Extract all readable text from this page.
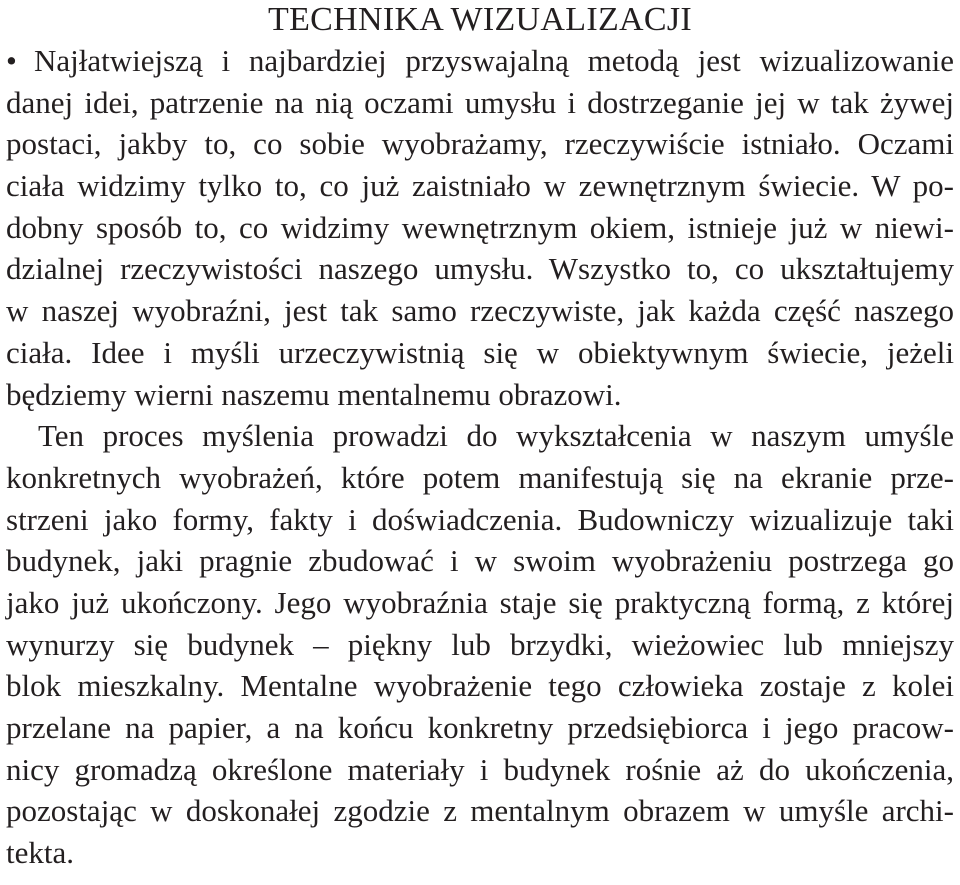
TECHNIKA WIZUALIZACJI
• Najłatwiejszą i najbardziej przyswajalną metodą jest wizualizowanie
danej idei, patrzenie na nią oczami umysłu i dostrzeganie jej w tak żywej
postaci, jakby to, co sobie wyobrażamy, rzeczywiście istniało. Oczami
ciała widzimy tylko to, co już zaistniało w zewnętrznym świecie. W po-
dobny sposób to, co widzimy wewnętrznym okiem, istnieje już w niewi-
dzialnej rzeczywistości naszego umysłu. Wszystko to, co ukształtujemy
w naszej wyobraźni, jest tak samo rzeczywiste, jak każda część naszego
ciała. Idee i myśli urzeczywistnią się w obiektywnym świecie, jeżeli
będziemy wierni naszemu mentalnemu obrazowi.
Ten proces myślenia prowadzi do wykształcenia w naszym umyśle
konkretnych wyobrażeń, które potem manifestują się na ekranie prze-
strzeni jako formy, fakty i doświadczenia. Budowniczy wizualizuje taki
budynek, jaki pragnie zbudować i w swoim wyobrażeniu postrzega go
jako już ukończony. Jego wyobraźnia staje się praktyczną formą, z której
wynurzy się budynek – piękny lub brzydki, wieżowiec lub mniejszy
blok mieszkalny. Mentalne wyobrażenie tego człowieka zostaje z kolei
przelane na papier, a na końcu konkretny przedsiębiorca i jego pracow-
nicy gromadzą określone materiały i budynek rośnie aż do ukończenia,
pozostając w doskonałej zgodzie z mentalnym obrazem w umyśle archi-
tekta.
